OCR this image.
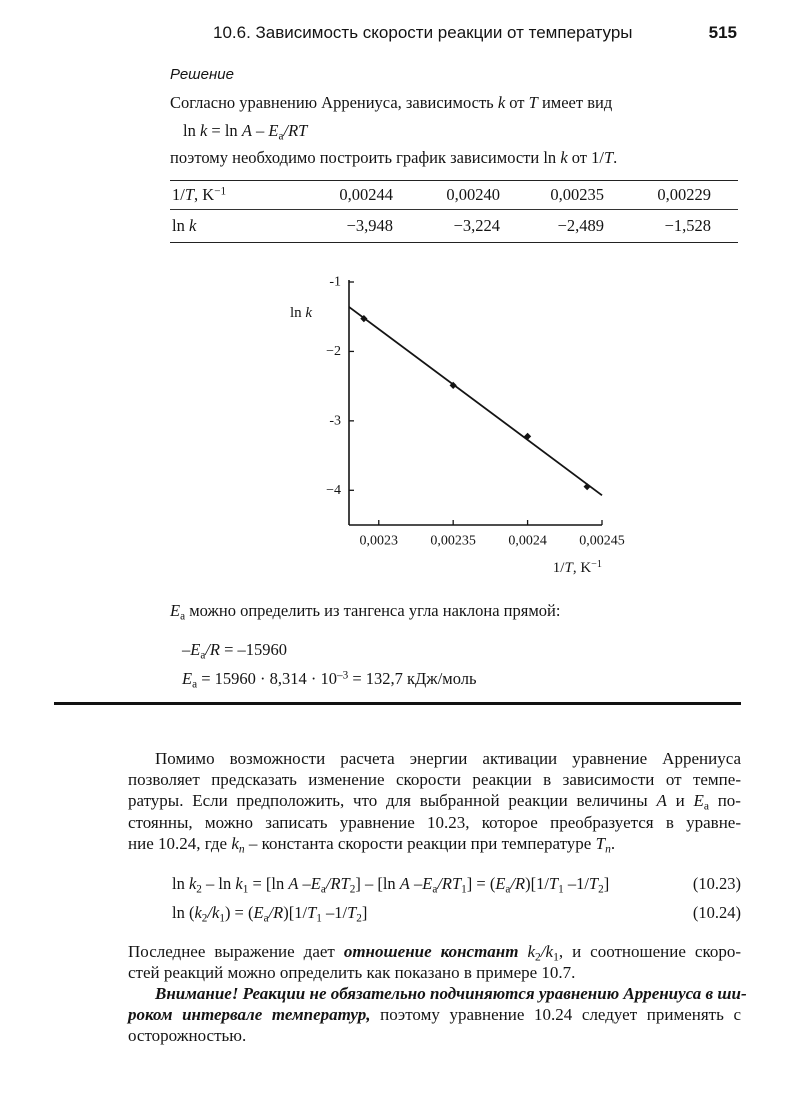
10.6. Зависимость скорости реакции от температуры	515
Решение
Согласно уравнению Аррениуса, зависимость k от T имеет вид
$\ln k = \ln A - E_a/RT$
поэтому необходимо построить график зависимости ln k от 1/T.
1/T, $K^{-1}$	0,00244	0,00240	0,00235	0,00229	
ln k	−3,948	−3,224	−2,489	−1,528	
-1
−2
-3
−4
0,0023 0,00235 0,0024 0,00245
ln k
1/T, $K^{-1}$
$E_a$ можно определить из тангенса угла наклона прямой:
$-E_a/R = -15960$
$E_a = 15960 \cdot 8,314 \cdot 10^{-3} = 132,7$ кДж/моль
Помимо возможности расчета энергии активации уравнение Аррениуса
позволяет предсказать изменение скорости реакции в зависимости от темпе-
ратуры. Если предположить, что для выбранной реакции величины A и $E_a$ по-
стоянны, можно записать уравнение 10.23, которое преобразуется в уравне-
ние 10.24, где $k_n$ – константа скорости реакции при температуре $T_n$.
$\ln k_2 - \ln k_1 = [\ln$ A $-E_a/RT_2] - [\ln$ A $-E_a/RT_1] = (E_a/R)[1/T_1$ $-1/T_2$]	(10.23)
$\ln (k_2/k_1) = (E_a/R)[1/T_1$ $-1/T_2$]	(10.24)
Последнее выражение дает отношение констант $k_2/k_1$, и соотношение скоро-
стей реакций можно определить как показано в примере 10.7.
Внимание! Реакции не обязательно подчиняются уравнению Аррениуса в ши-
роком интервале температур, поэтому уравнение 10.24 следует применять с
осторожностью.
